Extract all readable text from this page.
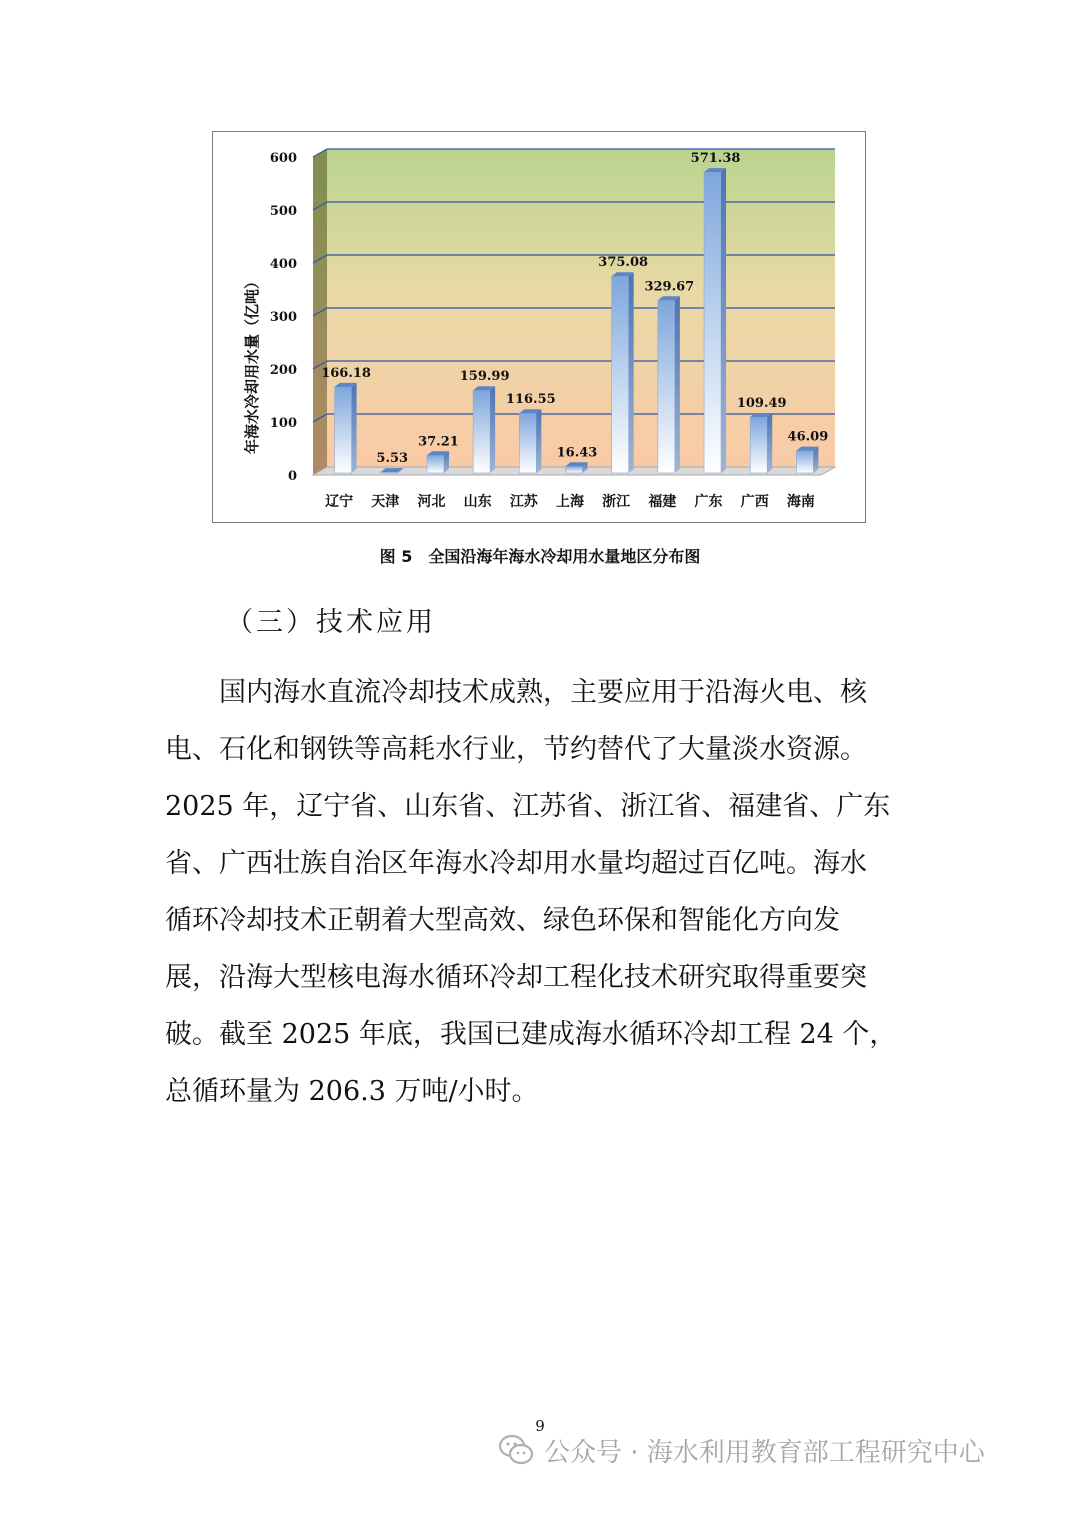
0
100
200
300
400
500
600
166.18
辽宁
5.53
天津
37.21
河北
159.99
山东
116.55
江苏
16.43
上海
375.08
浙江
329.67
福建
571.38
广东
109.49
广西
46.09
海南
年海水冷却用水量（亿吨）
图 5　全国沿海年海水冷却用水量地区分布图
（三）技术应用
　　国内海水直流冷却技术成熟，主要应用于沿海火电、核
电、石化和钢铁等高耗水行业，节约替代了大量淡水资源。
2025 年，辽宁省、山东省、江苏省、浙江省、福建省、广东
省、广西壮族自治区年海水冷却用水量均超过百亿吨。海水
循环冷却技术正朝着大型高效、绿色环保和智能化方向发
展，沿海大型核电海水循环冷却工程化技术研究取得重要突
破。截至 2025 年底，我国已建成海水循环冷却工程 24 个，
总循环量为 206.3 万吨/小时。
9
公众号 · 海水利用教育部工程研究中心
